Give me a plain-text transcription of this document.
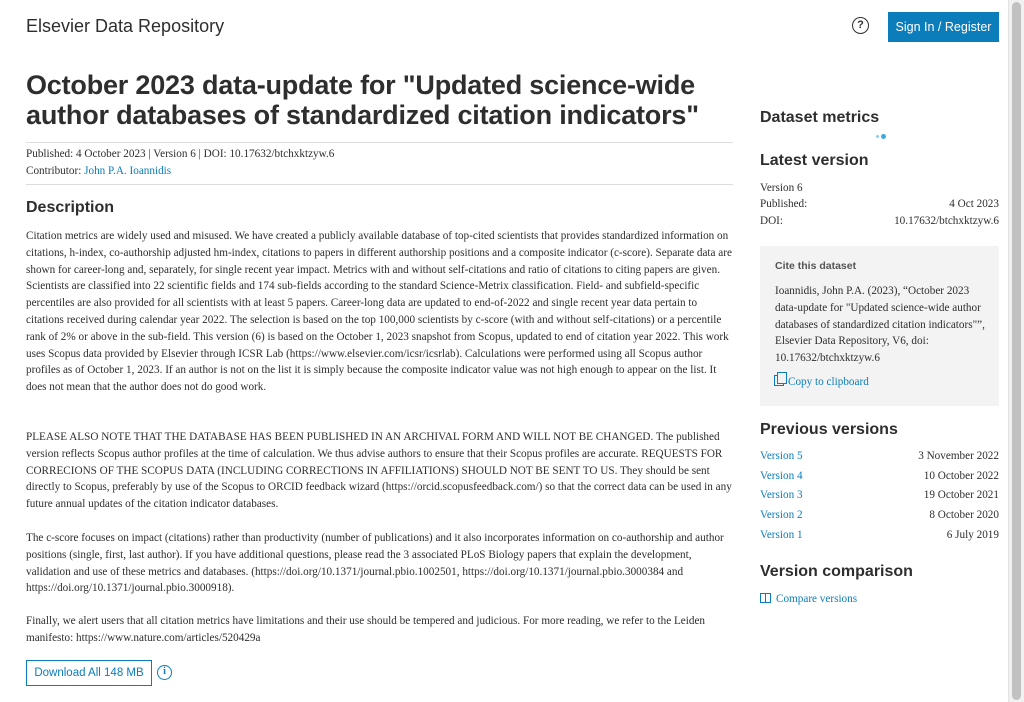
Elsevier Data Repository	?	Sign In / Register
October 2023 data-update for "Updated science-wide author databases of standardized citation indicators"
Published: 4 October 2023 | Version 6 | DOI: 10.17632/btchxktzyw.6
Contributor: John P.A. Ioannidis
Description

Citation metrics are widely used and misused. We have created a publicly available database of top-cited scientists that provides standardized information on citations, h-index, co-authorship adjusted hm-index, citations to papers in different authorship positions and a composite indicator (c-score). Separate data are shown for career-long and, separately, for single recent year impact. Metrics with and without self-citations and ratio of citations to citing papers are given. Scientists are classified into 22 scientific fields and 174 sub-fields according to the standard Science-Metrix classification. Field- and subfield-specific percentiles are also provided for all scientists with at least 5 papers. Career-long data are updated to end-of-2022 and single recent year data pertain to citations received during calendar year 2022. The selection is based on the top 100,000 scientists by c-score (with and without self-citations) or a percentile rank of 2% or above in the sub-field. This version (6) is based on the October 1, 2023 snapshot from Scopus, updated to end of citation year 2022. This work uses Scopus data provided by Elsevier through ICSR Lab (https://www.elsevier.com/icsr/icsrlab). Calculations were performed using all Scopus author profiles as of October 1, 2023. If an author is not on the list it is simply because the composite indicator value was not high enough to appear on the list. It does not mean that the author does not do good work.

PLEASE ALSO NOTE THAT THE DATABASE HAS BEEN PUBLISHED IN AN ARCHIVAL FORM AND WILL NOT BE CHANGED. The published version reflects Scopus author profiles at the time of calculation. We thus advise authors to ensure that their Scopus profiles are accurate. REQUESTS FOR CORRECIONS OF THE SCOPUS DATA (INCLUDING CORRECTIONS IN AFFILIATIONS) SHOULD NOT BE SENT TO US. They should be sent directly to Scopus, preferably by use of the Scopus to ORCID feedback wizard (https://orcid.scopusfeedback.com/) so that the correct data can be used in any future annual updates of the citation indicator databases.

The c-score focuses on impact (citations) rather than productivity (number of publications) and it also incorporates information on co-authorship and author positions (single, first, last author). If you have additional questions, please read the 3 associated PLoS Biology papers that explain the development, validation and use of these metrics and databases. (https://doi.org/10.1371/journal.pbio.1002501, https://doi.org/10.1371/journal.pbio.3000384 and https://doi.org/10.1371/journal.pbio.3000918).

Finally, we alert users that all citation metrics have limitations and their use should be tempered and judicious. For more reading, we refer to the Leiden manifesto: https://www.nature.com/articles/520429a

Download All 148 MB	i
Dataset metrics
Latest version
Version 6
Published:	4 Oct 2023
DOI:	10.17632/btchxktzyw.6
Cite this dataset
Ioannidis, John P.A. (2023), “October 2023 data-update for "Updated science-wide author databases of standardized citation indicators"”, Elsevier Data Repository, V6, doi: 10.17632/btchxktzyw.6
Copy to clipboard
Previous versions
Version 5	3 November 2022
Version 4	10 October 2022
Version 3	19 October 2021
Version 2	8 October 2020
Version 1	6 July 2019
Version comparison
Compare versions
